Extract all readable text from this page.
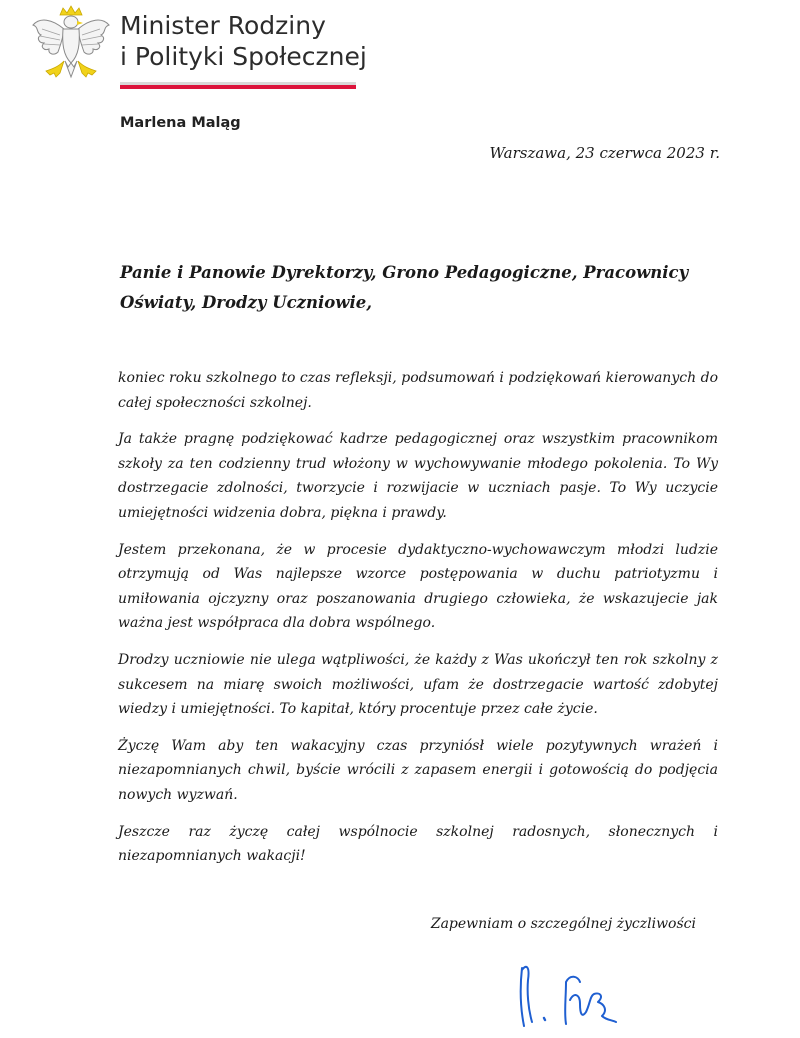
Minister Rodziny
i Polityki Społecznej
Marlena Maląg
Warszawa, 23 czerwca 2023 r.
Panie i Panowie Dyrektorzy, Grono Pedagogiczne, Pracownicy Oświaty, Drodzy Uczniowie,

koniec roku szkolnego to czas refleksji, podsumowań i podziękowań kierowanych do całej społeczności szkolnej.

Ja także pragnę podziękować kadrze pedagogicznej oraz wszystkim pracownikom szkoły za ten codzienny trud włożony w wychowywanie młodego pokolenia. To Wy dostrzegacie zdolności, tworzycie i rozwijacie w uczniach pasje. To Wy uczycie umiejętności widzenia dobra, piękna i prawdy.

Jestem przekonana, że w procesie dydaktyczno-wychowawczym młodzi ludzie otrzymują od Was najlepsze wzorce postępowania w duchu patriotyzmu i umiłowania ojczyzny oraz poszanowania drugiego człowieka, że wskazujecie jak ważna jest współpraca dla dobra wspólnego.

Drodzy uczniowie nie ulega wątpliwości, że każdy z Was ukończył ten rok szkolny z sukcesem na miarę swoich możliwości, ufam że dostrzegacie wartość zdobytej wiedzy i umiejętności. To kapitał, który procentuje przez całe życie.

Życzę Wam aby ten wakacyjny czas przyniósł wiele pozytywnych wrażeń i niezapomnianych chwil, byście wrócili z zapasem energii i gotowością do podjęcia nowych wyzwań.

Jeszcze raz życzę całej wspólnocie szkolnej radosnych, słonecznych i niezapomnianych wakacji!

Zapewniam o szczególnej życzliwości
